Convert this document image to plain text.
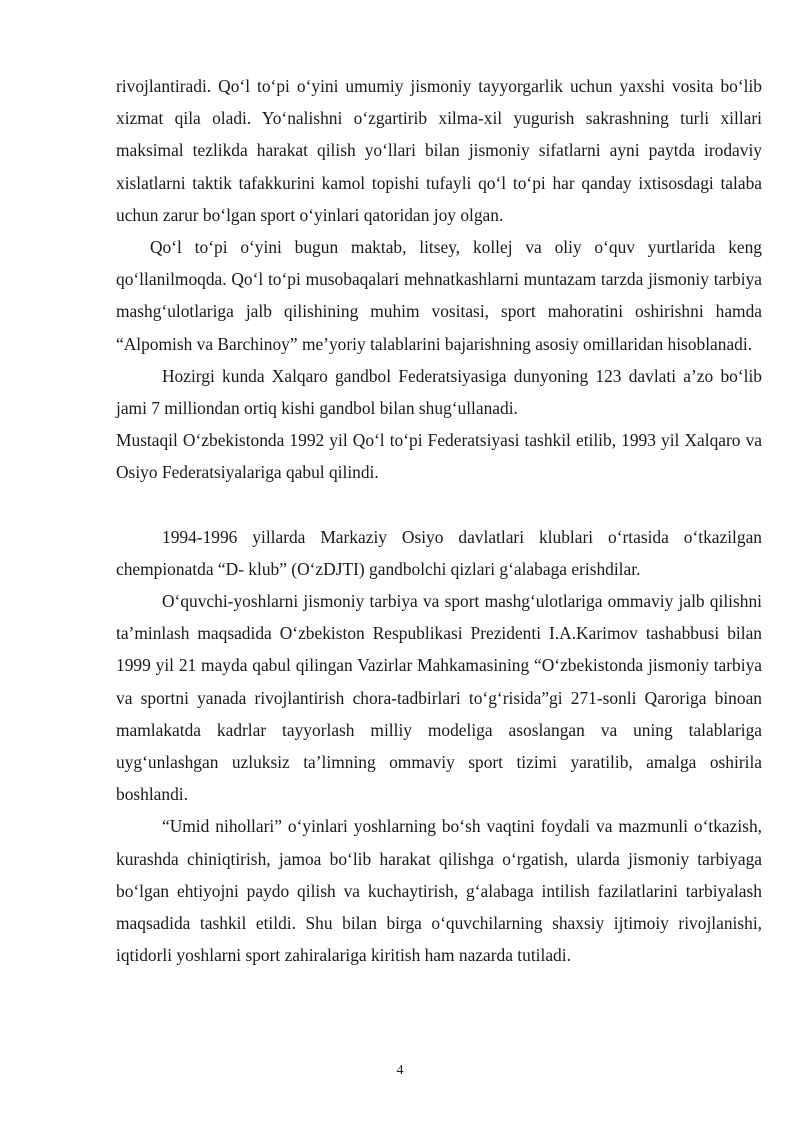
rivojlantiradi. Qo‘l to‘pi o‘yini umumiy jismoniy tayyorgarlik uchun yaxshi vosita bo‘lib xizmat qila oladi. Yo‘nalishni o‘zgartirib xilma-xil yugurish sakrashning turli xillari maksimal tezlikda harakat qilish yo‘llari bilan jismoniy sifatlarni ayni paytda irodaviy xislatlarni taktik tafakkurini kamol topishi tufayli qo‘l to‘pi har qanday ixtisosdagi talaba uchun zarur bo‘lgan sport o‘yinlari qatoridan joy olgan.

Qo‘l to‘pi o‘yini bugun maktab, litsey, kollej va oliy o‘quv yurtlarida keng qo‘llanilmoqda. Qo‘l to‘pi musobaqalari mehnatkashlarni muntazam tarzda jismoniy tarbiya mashg‘ulotlariga jalb qilishining muhim vositasi, sport mahoratini oshirishni hamda “Alpomish va Barchinoy” me’yoriy talablarini bajarishning asosiy omillaridan hisoblanadi.

Hozirgi kunda Xalqaro gandbol Federatsiyasiga dunyoning 123 davlati a’zo bo‘lib jami 7 milliondan ortiq kishi gandbol bilan shug‘ullanadi.

Mustaqil O‘zbekistonda 1992 yil Qo‘l to‘pi Federatsiyasi tashkil etilib, 1993 yil Xalqaro va Osiyo Federatsiyalariga qabul qilindi.

1994-1996 yillarda Markaziy Osiyo davlatlari klublari o‘rtasida o‘tkazilgan chempionatda “D- klub” (O‘zDJTI) gandbolchi qizlari g‘alabaga erishdilar.

O‘quvchi-yoshlarni jismoniy tarbiya va sport mashg‘ulotlariga ommaviy jalb qilishni ta’minlash maqsadida O‘zbekiston Respublikasi Prezidenti I.A.Karimov tashabbusi bilan 1999 yil 21 mayda qabul qilingan Vazirlar Mahkamasining “O‘zbekistonda jismoniy tarbiya va sportni yanada rivojlantirish chora-tadbirlari to‘g‘risida”gi 271-sonli Qaroriga binoan mamlakatda kadrlar tayyorlash milliy modeliga asoslangan va uning talablariga uyg‘unlashgan uzluksiz ta’limning ommaviy sport tizimi yaratilib, amalga oshirila boshlandi.

“Umid nihollari” o‘yinlari yoshlarning bo‘sh vaqtini foydali va mazmunli o‘tkazish, kurashda chiniqtirish, jamoa bo‘lib harakat qilishga o‘rgatish, ularda jismoniy tarbiyaga bo‘lgan ehtiyojni paydo qilish va kuchaytirish, g‘alabaga intilish fazilatlarini tarbiyalash maqsadida tashkil etildi. Shu bilan birga o‘quvchilarning shaxsiy ijtimoiy rivojlanishi, iqtidorli yoshlarni sport zahiralariga kiritish ham nazarda tutiladi.

4
